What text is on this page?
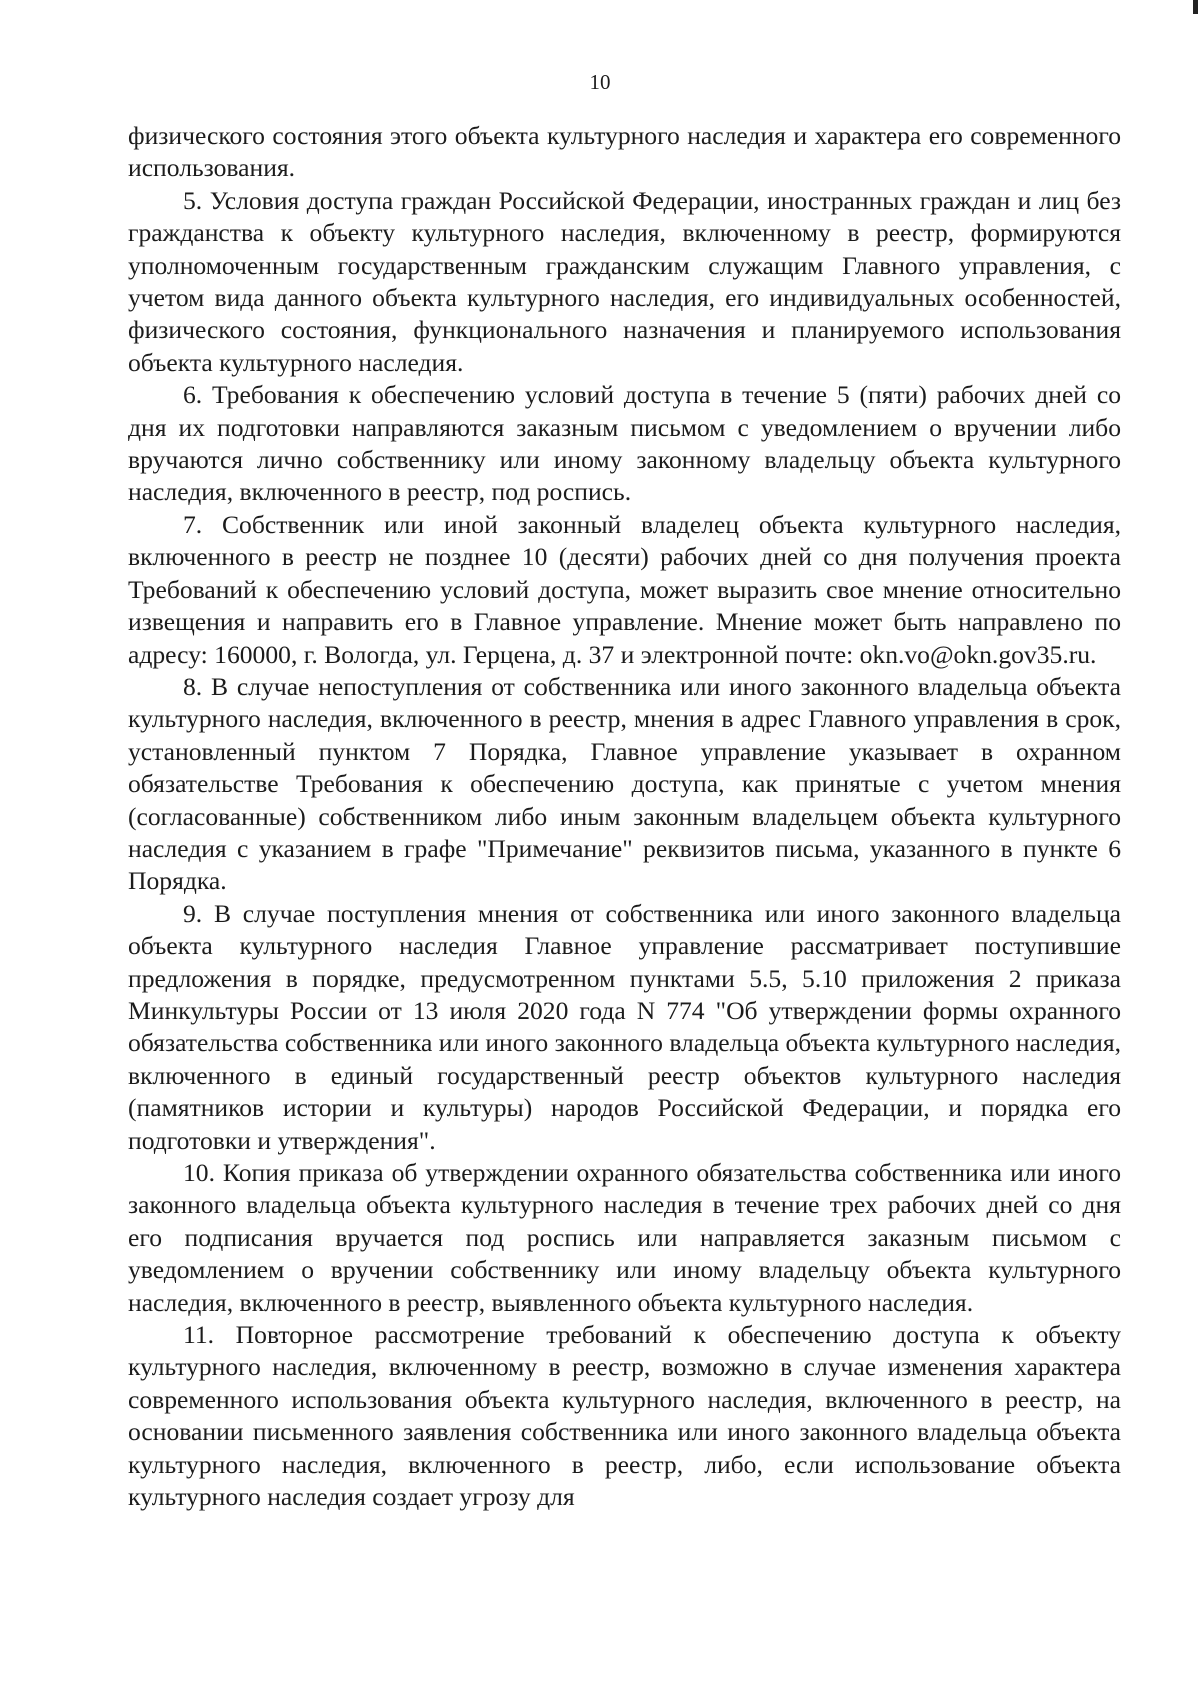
10

физического состояния этого объекта культурного наследия и характера его современного использования.

5. Условия доступа граждан Российской Федерации, иностранных граждан и лиц без гражданства к объекту культурного наследия, включенному в реестр, формируются уполномоченным государственным гражданским служащим Главного управления, с учетом вида данного объекта культурного наследия, его индивидуальных особенностей, физического состояния, функционального назначения и планируемого использования объекта культурного наследия.

6. Требования к обеспечению условий доступа в течение 5 (пяти) рабочих дней со дня их подготовки направляются заказным письмом с уведомлением о вручении либо вручаются лично собственнику или иному законному владельцу объекта культурного наследия, включенного в реестр, под роспись.

7. Собственник или иной законный владелец объекта культурного наследия, включенного в реестр не позднее 10 (десяти) рабочих дней со дня получения проекта Требований к обеспечению условий доступа, может выразить свое мнение относительно извещения и направить его в Главное управление. Мнение может быть направлено по адресу: 160000, г. Вологда, ул. Герцена, д. 37 и электронной почте: okn.vo@okn.gov35.ru.

8. В случае непоступления от собственника или иного законного владельца объекта культурного наследия, включенного в реестр, мнения в адрес Главного управления в срок, установленный пунктом 7 Порядка, Главное управление указывает в охранном обязательстве Требования к обеспечению доступа, как принятые с учетом мнения (согласованные) собственником либо иным законным владельцем объекта культурного наследия с указанием в графе "Примечание" реквизитов письма, указанного в пункте 6 Порядка.

9. В случае поступления мнения от собственника или иного законного владельца объекта культурного наследия Главное управление рассматривает поступившие предложения в порядке, предусмотренном пунктами 5.5, 5.10 приложения 2 приказа Минкультуры России от 13 июля 2020 года N 774 "Об утверждении формы охранного обязательства собственника или иного законного владельца объекта культурного наследия, включенного в единый государственный реестр объектов культурного наследия (памятников истории и культуры) народов Российской Федерации, и порядка его подготовки и утверждения".

10. Копия приказа об утверждении охранного обязательства собственника или иного законного владельца объекта культурного наследия в течение трех рабочих дней со дня его подписания вручается под роспись или направляется заказным письмом с уведомлением о вручении собственнику или иному владельцу объекта культурного наследия, включенного в реестр, выявленного объекта культурного наследия.

11. Повторное рассмотрение требований к обеспечению доступа к объекту культурного наследия, включенному в реестр, возможно в случае изменения характера современного использования объекта культурного наследия, включенного в реестр, на основании письменного заявления собственника или иного законного владельца объекта культурного наследия, включенного в реестр, либо, если использование объекта культурного наследия создает угрозу для
